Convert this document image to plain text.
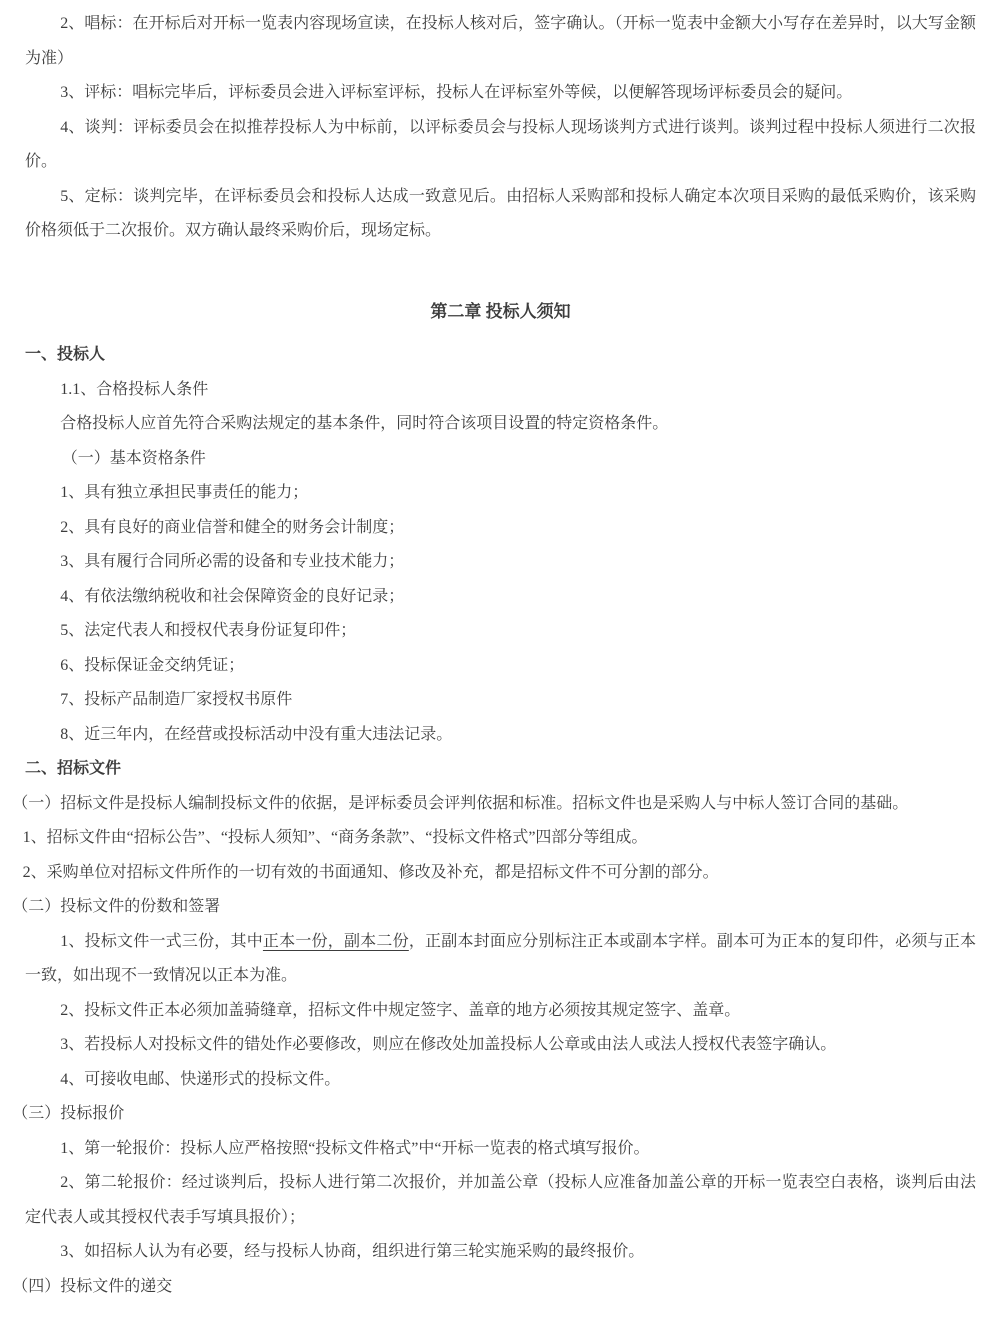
2、唱标：在开标后对开标一览表内容现场宣读，在投标人核对后，签字确认。（开标一览表中金额大小写存在差异时，以大写金额为准）

3、评标：唱标完毕后，评标委员会进入评标室评标，投标人在评标室外等候，以便解答现场评标委员会的疑问。

4、谈判：评标委员会在拟推荐投标人为中标前，以评标委员会与投标人现场谈判方式进行谈判。谈判过程中投标人须进行二次报价。

5、定标：谈判完毕，在评标委员会和投标人达成一致意见后。由招标人采购部和投标人确定本次项目采购的最低采购价，该采购价格须低于二次报价。双方确认最终采购价后，现场定标。

第二章 投标人须知

一、投标人

1.1、合格投标人条件

合格投标人应首先符合采购法规定的基本条件，同时符合该项目设置的特定资格条件。

（一）基本资格条件

1、具有独立承担民事责任的能力；

2、具有良好的商业信誉和健全的财务会计制度；

3、具有履行合同所必需的设备和专业技术能力；

4、有依法缴纳税收和社会保障资金的良好记录；

5、法定代表人和授权代表身份证复印件；

6、投标保证金交纳凭证；

7、投标产品制造厂家授权书原件

8、近三年内，在经营或投标活动中没有重大违法记录。

二、招标文件

（一）招标文件是投标人编制投标文件的依据，是评标委员会评判依据和标准。招标文件也是采购人与中标人签订合同的基础。

1、招标文件由“招标公告”、“投标人须知”、“商务条款”、“投标文件格式”四部分等组成。

2、采购单位对招标文件所作的一切有效的书面通知、修改及补充，都是招标文件不可分割的部分。

（二）投标文件的份数和签署

1、投标文件一式三份，其中正本一份，副本二份，正副本封面应分别标注正本或副本字样。副本可为正本的复印件，必须与正本一致，如出现不一致情况以正本为准。

2、投标文件正本必须加盖骑缝章，招标文件中规定签字、盖章的地方必须按其规定签字、盖章。

3、若投标人对投标文件的错处作必要修改，则应在修改处加盖投标人公章或由法人或法人授权代表签字确认。

4、可接收电邮、快递形式的投标文件。

（三）投标报价

1、第一轮报价：投标人应严格按照“投标文件格式”中“开标一览表的格式填写报价。

2、第二轮报价：经过谈判后，投标人进行第二次报价，并加盖公章（投标人应准备加盖公章的开标一览表空白表格，谈判后由法定代表人或其授权代表手写填具报价）；

3、如招标人认为有必要，经与投标人协商，组织进行第三轮实施采购的最终报价。

（四）投标文件的递交
